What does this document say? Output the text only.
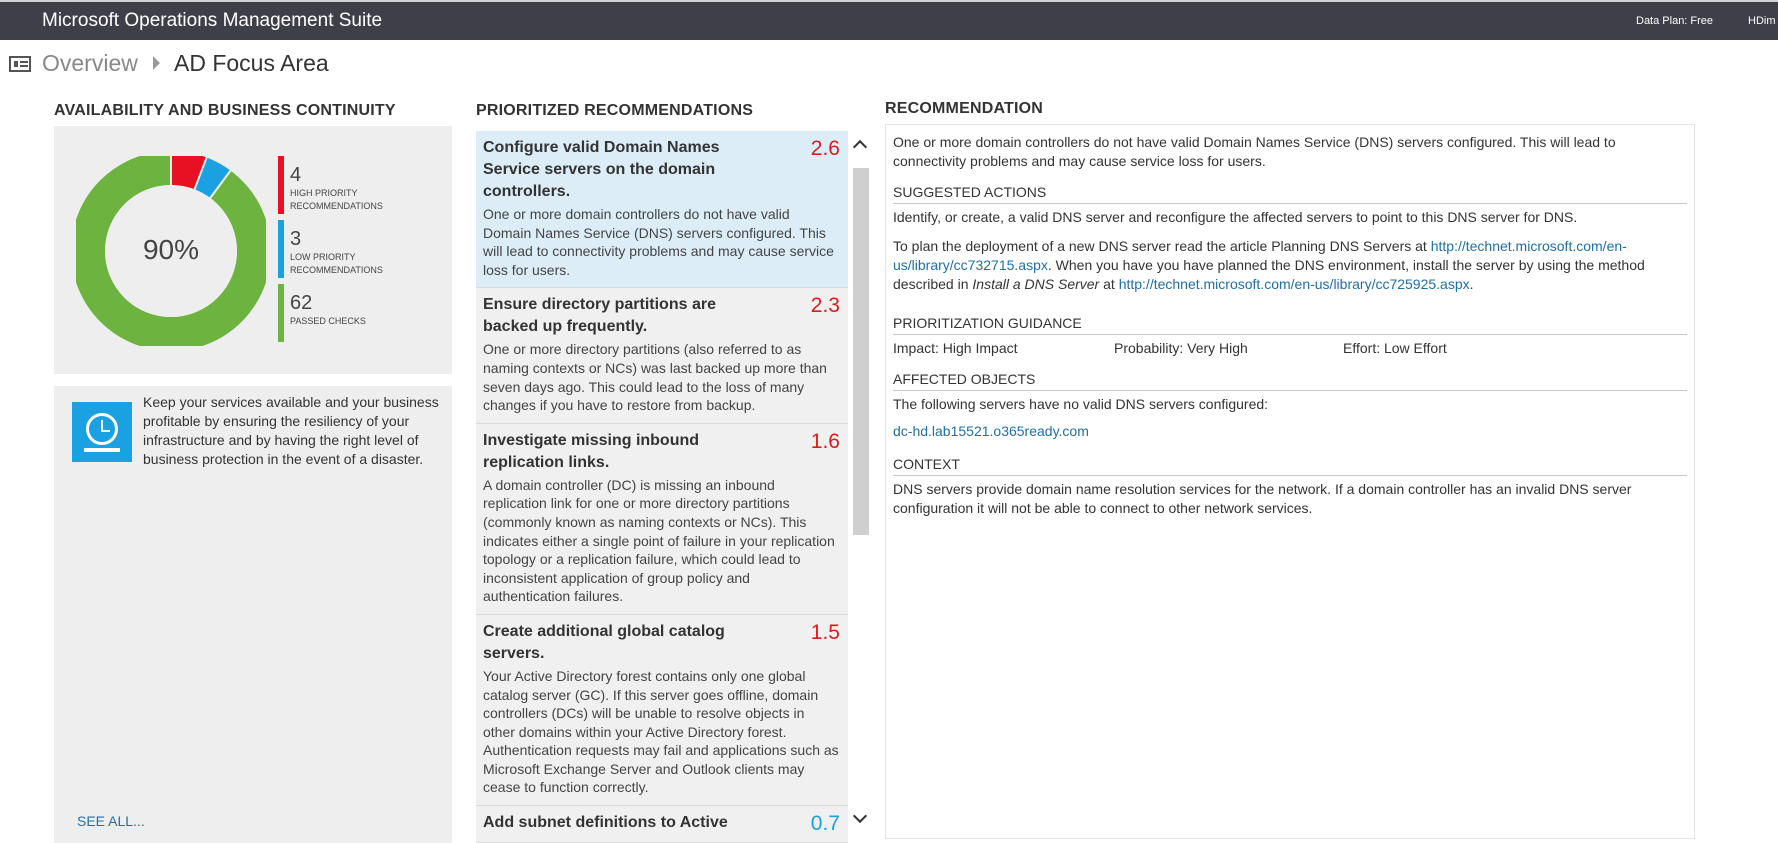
Microsoft Operations Management Suite	Data Plan: Free	HDim
Overview AD Focus Area
AVAILABILITY AND BUSINESS CONTINUITY
90%
4
HIGH PRIORITY RECOMMENDATIONS
3
LOW PRIORITY RECOMMENDATIONS
62
PASSED CHECKS
Keep your services available and your business profitable by ensuring the resiliency of your infrastructure and by having the right level of business protection in the event of a disaster.
SEE ALL...
PRIORITIZED RECOMMENDATIONS
Configure valid Domain Names Service servers on the domain controllers.
2.6
One or more domain controllers do not have valid Domain Names Service (DNS) servers configured. This will lead to connectivity problems and may cause service loss for users.
Ensure directory partitions are backed up frequently.
2.3
One or more directory partitions (also referred to as naming contexts or NCs) was last backed up more than seven days ago. This could lead to the loss of many changes if you have to restore from backup.
Investigate missing inbound replication links.
1.6
A domain controller (DC) is missing an inbound replication link for one or more directory partitions (commonly known as naming contexts or NCs). This indicates either a single point of failure in your replication topology or a replication failure, which could lead to inconsistent application of group policy and authentication failures.
Create additional global catalog servers.
1.5
Your Active Directory forest contains only one global catalog server (GC). If this server goes offline, domain controllers (DCs) will be unable to resolve objects in other domains within your Active Directory forest. Authentication requests may fail and applications such as Microsoft Exchange Server and Outlook clients may cease to function correctly.
Add subnet definitions to Active	0.7
RECOMMENDATION

One or more domain controllers do not have valid Domain Names Service (DNS) servers configured. This will lead to connectivity problems and may cause service loss for users.

SUGGESTED ACTIONS

Identify, or create, a valid DNS server and reconfigure the affected servers to point to this DNS server for DNS.

To plan the deployment of a new DNS server read the article Planning DNS Servers at http://technet.microsoft.com/en-us/library/cc732715.aspx. When you have you have planned the DNS environment, install the server by using the method described in Install a DNS Server at http://technet.microsoft.com/en-us/library/cc725925.aspx.

PRIORITIZATION GUIDANCE
Impact: High Impact	Probability: Very High	Effort: Low Effort
AFFECTED OBJECTS

The following servers have no valid DNS servers configured:

dc-hd.lab15521.o365ready.com

CONTEXT

DNS servers provide domain name resolution services for the network. If a domain controller has an invalid DNS server configuration it will not be able to connect to other network services.
